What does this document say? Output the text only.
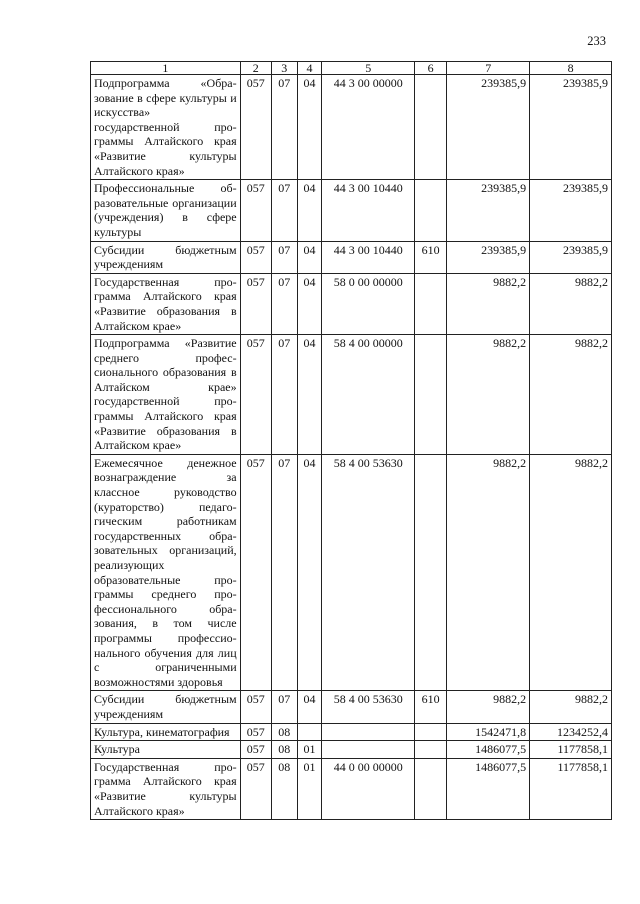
233
1	2	3	4	5	6	7	8
Подпрограмма «Образование в сфере культуры и искусства» государственной программы Алтайского края «Развитие культуры Алтайского края»	057	07	04	44 3 00 00000		239385,9	239385,9
Профессиональные образовательные организации (учреждения) в сфере культуры	057	07	04	44 3 00 10440		239385,9	239385,9
Субсидии бюджетным учреждениям	057	07	04	44 3 00 10440	610	239385,9	239385,9
Государственная программа Алтайского края «Развитие образования в Алтайском крае»	057	07	04	58 0 00 00000		9882,2	9882,2
Подпрограмма «Развитие среднего профессионального образования в Алтайском крае» государственной программы Алтайского края «Развитие образования в Алтайском крае»	057	07	04	58 4 00 00000		9882,2	9882,2
Ежемесячное денежное вознаграждение за классное руководство (кураторство) педагогическим работникам государственных образовательных организаций, реализующих образовательные программы среднего профессионального образования, в том числе программы профессионального обучения для лиц с ограниченными возможностями здоровья	057	07	04	58 4 00 53630		9882,2	9882,2
Субсидии бюджетным учреждениям	057	07	04	58 4 00 53630	610	9882,2	9882,2
Культура, кинематография	057	08				1542471,8	1234252,4
Культура	057	08	01			1486077,5	1177858,1
Государственная программа Алтайского края «Развитие культуры Алтайского края»	057	08	01	44 0 00 00000		1486077,5	1177858,1
